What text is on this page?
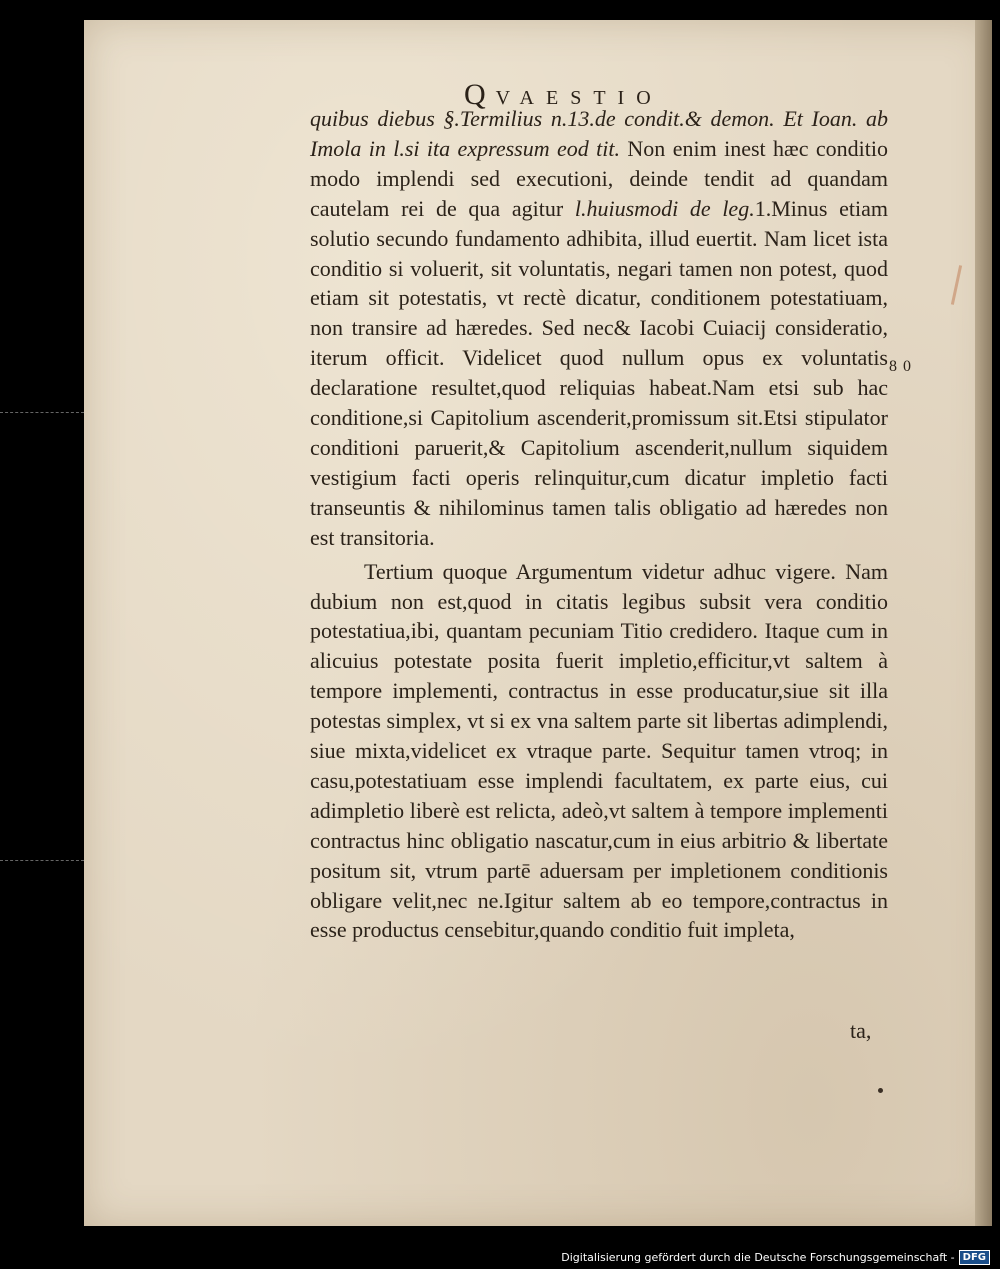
QVAESTIO

quibus diebus §.Termilius n.13.de condit.& demon. Et Ioan. ab Imola in l.si ita expressum eod tit. Non enim inest hæc conditio modo implendi sed executioni, deinde tendit ad quandam cautelam rei de qua agitur l.huiusmodi de leg.1.Minus etiam solutio secundo fundamento adhibita, illud euertit. Nam licet ista conditio si voluerit, sit voluntatis, negari tamen non potest, quod etiam sit potestatis, vt rectè dicatur, conditionem potestatiuam, non transire ad hæredes. Sed nec& Iacobi Cuiacij consideratio, iterum officit. Videlicet quod nullum opus ex voluntatis declaratione resultet,quod reliquias habeat.Nam etsi sub hac conditione,si Capitolium ascenderit,promissum sit.Etsi stipulator conditioni paruerit,& Capitolium ascenderit,nullum siquidem vestigium facti operis relinquitur,cum dicatur impletio facti transeuntis & nihilominus tamen talis obligatio ad hæredes non est transitoria.

Tertium quoque Argumentum videtur adhuc vigere. Nam dubium non est,quod in citatis legibus subsit vera conditio potestatiua,ibi, quantam pecuniam Titio credidero. Itaque cum in alicuius potestate posita fuerit impletio,efficitur,vt saltem à tempore implementi, contractus in esse producatur,siue sit illa potestas simplex, vt si ex vna saltem parte sit libertas adimplendi, siue mixta,videlicet ex vtraque parte. Sequitur tamen vtroq; in casu,potestatiuam esse implendi facultatem, ex parte eius, cui adimpletio liberè est relicta, adeò,vt saltem à tempore implementi contractus hinc obligatio nascatur,cum in eius arbitrio & libertate positum sit, vtrum partē aduersam per impletionem conditionis obligare velit,nec ne.Igitur saltem ab eo tempore,contractus in esse productus censebitur,quando conditio fuit impleta,

ta,
80
Digitalisierung gefördert durch die Deutsche Forschungsgemeinschaft - DFG
